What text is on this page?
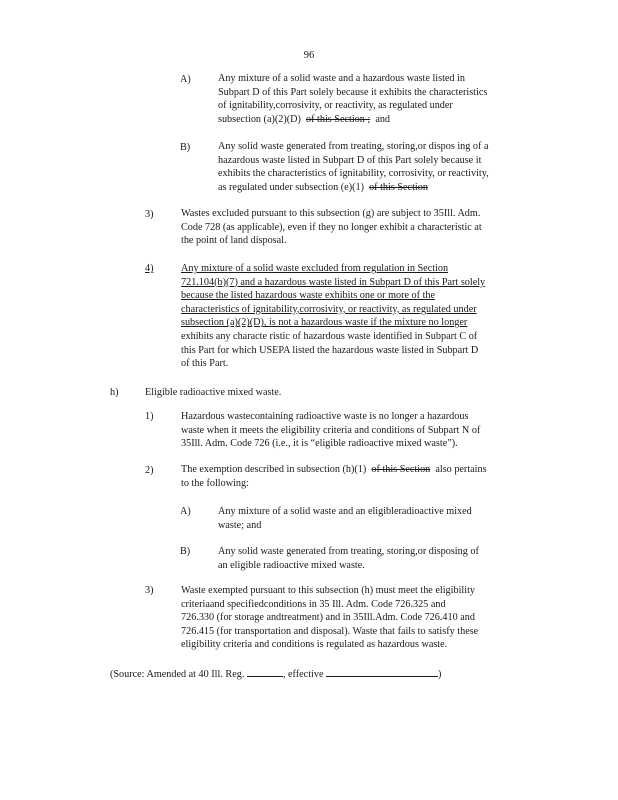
96
A)	Any mixture of a solid waste and a hazardous waste listed in
Subpart D of this Part solely because it exhibits the characteristics
of ignitability,corrosivity, or reactivity, as regulated under
subsection (a)(2)(D) of this Section ; and
B)	Any solid waste generated from treating, storing,or dispos ing of a
hazardous waste listed in Subpart D of this Part solely because it
exhibits the characteristics of ignitability, corrosivity, or reactivity,
as regulated under subsection (e)(1) of this Section
3)	Wastes excluded pursuant to this subsection (g) are subject to 35Ill. Adm.
Code 728 (as applicable), even if they no longer exhibit a characteristic at
the point of land disposal.
4)	Any mixture of a solid waste excluded from regulation in Section
721.104(b)(7) and a hazardous waste listed in Subpart D of this Part solely
because the listed hazardous waste exhibits one or more of the
characteristics of ignitability,corrosivity, or reactivity, as regulated under
subsection (a)(2)(D), is not a hazardous waste if the mixture no longer
exhibits any characte ristic of hazardous waste identified in Subpart C of
this Part for which USEPA listed the hazardous waste listed in Subpart D
of this Part.
h)	Eligible radioactive mixed waste.
1)	Hazardous wastecontaining radioactive waste is no longer a hazardous
waste when it meets the eligibility criteria and conditions of Subpart N of
35Ill. Adm. Code 726 (i.e., it is “eligible radioactive mixed waste”).
2)	The exemption described in subsection (h)(1) of this Section also pertains
to the following:
A)	Any mixture of a solid waste and an eligibleradioactive mixed
waste; and
B)	Any solid waste generated from treating, storing,or disposing of
an eligible radioactive mixed waste.
3)	Waste exempted pursuant to this subsection (h) must meet the eligibility
criteriaand specifiedconditions in 35 Ill. Adm. Code 726.325 and
726.330 (for storage andtreatment) and in 35Ill.Adm. Code 726.410 and
726.415 (for transportation and disposal). Waste that fails to satisfy these
eligibility criteria and conditions is regulated as hazardous waste.
(Source: Amended at 40 Ill. Reg.	, effective	)
